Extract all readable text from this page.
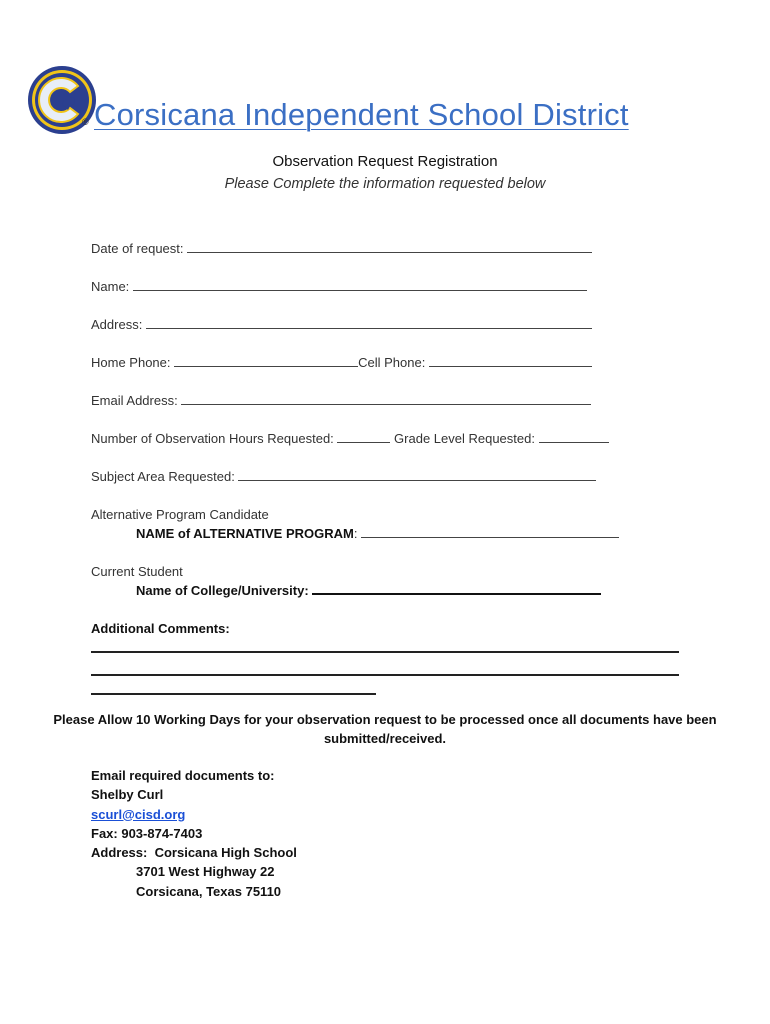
® Corsicana Independent School District
Observation Request Registration
Please Complete the information requested below
Date of request:
Name:
Address:
Home Phone:	Cell Phone:
Email Address:
Number of Observation Hours Requested:	Grade Level Requested:
Subject Area Requested:
Alternative Program Candidate
NAME of ALTERNATIVE PROGRAM:
Current Student
Name of College/University:
Additional Comments:
Please Allow 10 Working Days for your observation request to be processed once all documents have been
submitted/received.
Email required documents to:
Shelby Curl
scurl@cisd.org
Fax: 903-874-7403
Address: Corsicana High School
3701 West Highway 22
Corsicana, Texas 75110
